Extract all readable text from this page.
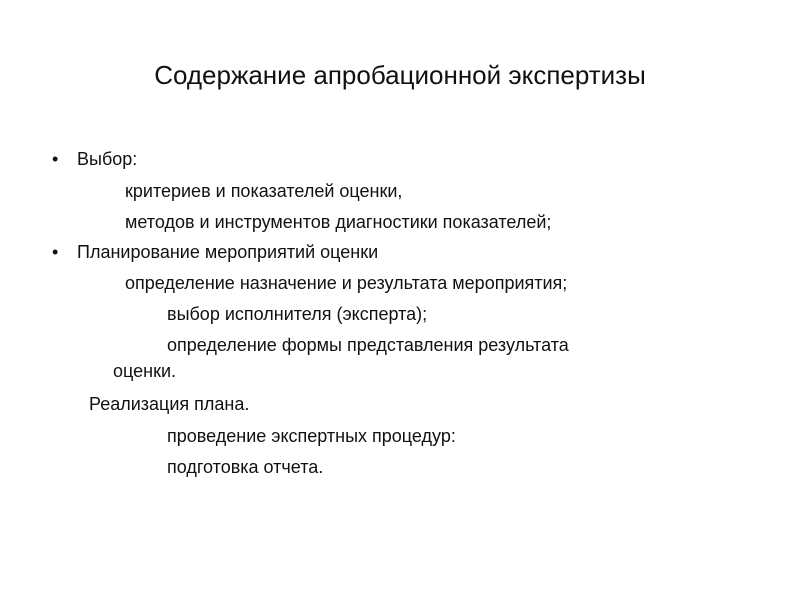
Содержание апробационной экспертизы
• Выбор:
критериев и показателей оценки,
методов и инструментов диагностики показателей;
• Планирование мероприятий оценки
определение назначение и результата мероприятия;
выбор исполнителя (эксперта);
определение формы представления результата
оценки.
Реализация плана.
проведение экспертных процедур:
подготовка отчета.
